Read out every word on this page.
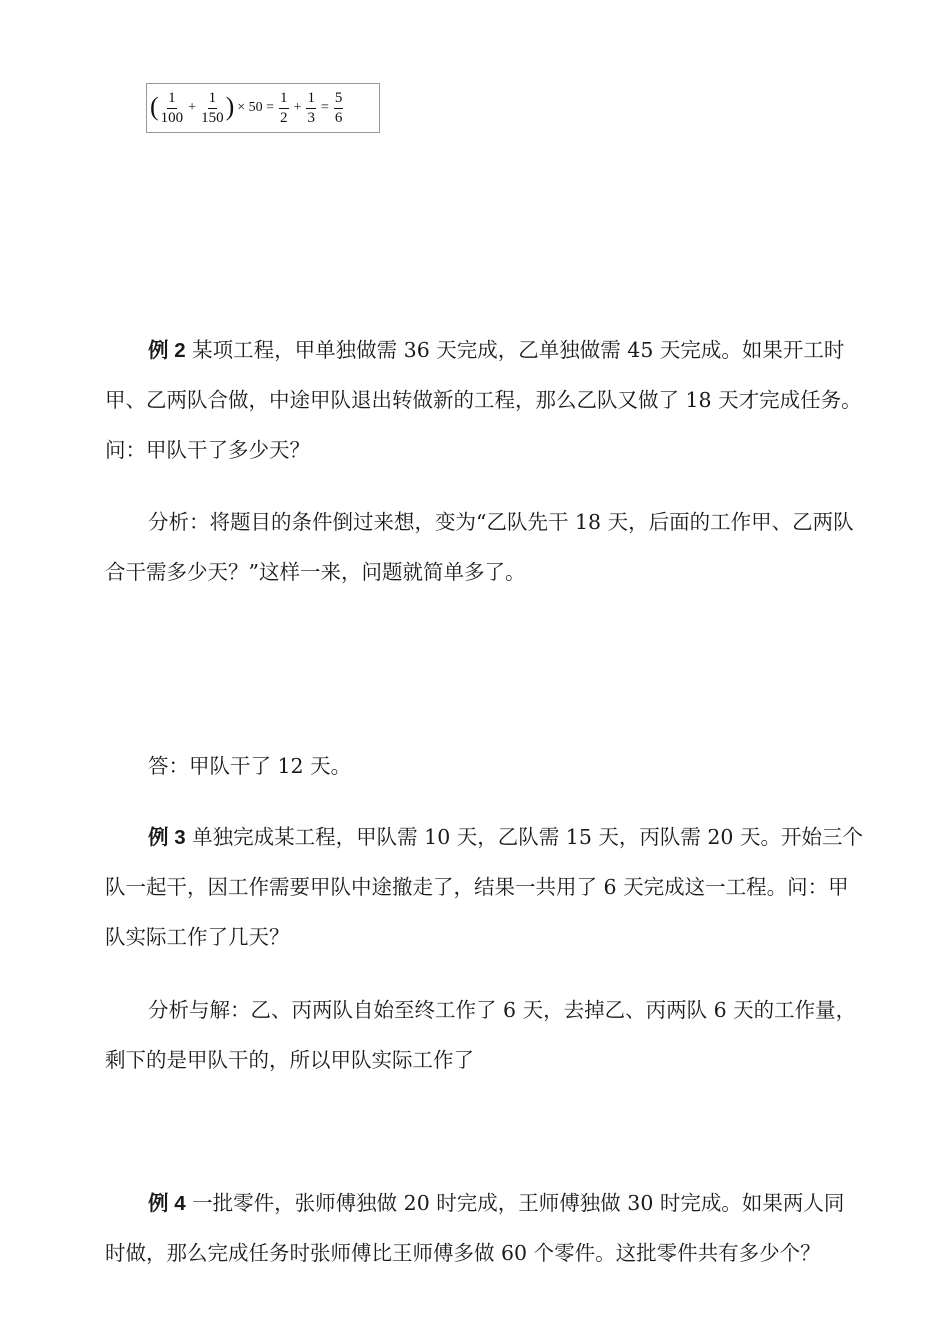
( $\frac{1}{100} + \frac{1}{150}$ ) × $50 = \frac{1}{2} + \frac{1}{3} = \frac{5}{6}$
例 2 某项工程，甲单独做需 36 天完成，乙单独做需 45 天完成。如果开工时
甲、乙两队合做，中途甲队退出转做新的工程，那么乙队又做了 18 天才完成任务。
问：甲队干了多少天？
分析：将题目的条件倒过来想，变为“乙队先干 18 天，后面的工作甲、乙两队
合干需多少天？”这样一来，问题就简单多了。
答：甲队干了 12 天。
例 3 单独完成某工程，甲队需 10 天，乙队需 15 天，丙队需 20 天。开始三个
队一起干，因工作需要甲队中途撤走了，结果一共用了 6 天完成这一工程。问：甲
队实际工作了几天？
分析与解：乙、丙两队自始至终工作了 6 天，去掉乙、丙两队 6 天的工作量，
剩下的是甲队干的，所以甲队实际工作了
例 4 一批零件，张师傅独做 20 时完成，王师傅独做 30 时完成。如果两人同
时做，那么完成任务时张师傅比王师傅多做 60 个零件。这批零件共有多少个？
